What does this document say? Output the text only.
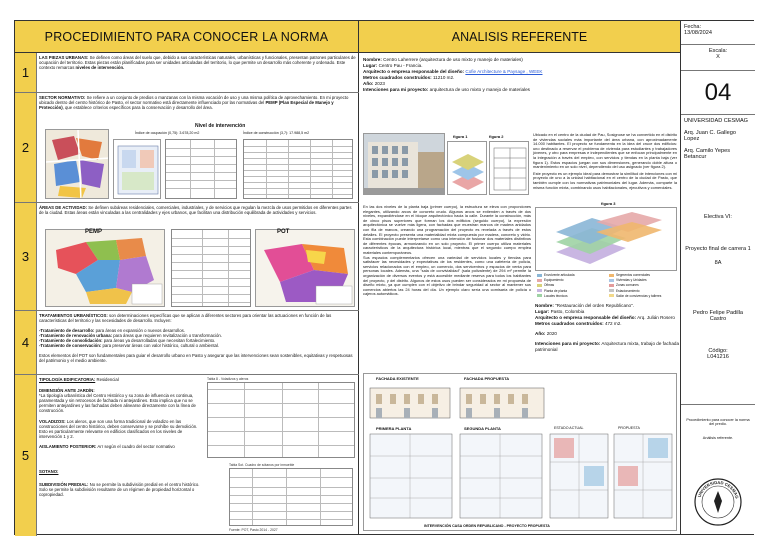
PROCEDIMIENTO PARA CONOCER LA NORMA
1
LAS PIEZAS URBANAS: Se definen como áreas del suelo que, debido a sus características naturales, urbanísticas y funcionales, presentan patrones particulares de ocupación del territorio. Estas piezas están planificadas para ser unidades articuladas del territorio, lo que permite un desarrollo más coherente y ordenado. Este contexto remarcas niveles de intervención.
2
SECTOR NORMATIVO: Se refiere a un conjunto de predios o manzanas con la misma vocación de uso y una misma política de aprovechamiento. En mi proyecto ubicado dentro del centro histórico de Pasto, el sector normativo está directamente influenciado por las normativas del PEMP (Plan Especial de Manejo y Protección), que establece criterios específicos para la conservación y desarrollo del área.
Nivel de intervención
Índice de ocupación (0,75): 3.678,20 m2	Índice de construcción (3,7): 17.988,5 m2
3
ÁREAS DE ACTIVIDAD: Se definen subáreas residenciales, comerciales, industriales, y de servicios que regulan la mezcla de usos permitidos en diferentes partes de la ciudad. Estas áreas están vinculadas a las centralidades y ejes urbanos, que facilitan una distribución equilibrada de actividades y servicios.
PEMP	POT
4
TRATAMIENTOS URBANÍSTICOS: son determinaciones específicas que se aplican a diferentes sectores para orientar las actuaciones en función de las características del territorio y las necesidades de desarrollo. Incluyen:
-Tratamiento de desarrollo: para áreas en expansión o nuevos desarrollos.
-Tratamiento de renovación urbana: para áreas que requieren revitalización o transformación.
-Tratamiento de consolidación: para áreas ya desarrolladas que necesitan fortalecimiento.
-Tratamiento de conservación: para preservar áreas con valor histórico, cultural o ambiental.
Estos elementos del POT son fundamentales para guiar el desarrollo urbano en Pasto y asegurar que las intervenciones sean sostenibles, equitativas y respetuosas del patrimonio y el medio ambiente.
5
TIPOLOGÍA EDIFICATORIA: Residencial
DIMENSIÓN ANTE JARDÍN:
*La tipología urbanística del Centro Histórico y su zona de influencia es continua, paramentada y sin retrocesos de fachada ni antejardines. Esto implica que no se permiten antejardines y las fachadas deben alinearse directamente con la línea de construcción.
VOLADIZOS: Los aleros, que son una forma tradicional de voladizo en las construcciones del centro histórico, deben conservarse y se prohíbe su demolición. Esto es particularmente relevante en edificios clasificados en los niveles de intervención 1 y 2.
AISLAMIENTO POSTERIOR: Arr según el cuadro del sector normativo
SOTANO:
SUBDIVISIÓN PREDIAL: No se permite la subdivisión predial en el centro histórico. Solo se permite la subdivisión resultante de un régimen de propiedad horizontal o copropiedad.
Tabla 8 - Voladizos y aleros
Tabla Sot. Cuadro de sótanos por inmueble
Fuente: POT, Pasto 2014 - 2027
ANALISIS REFERENTE
Nombre: Centro Laherrere (arquitectura de uso mixto y manejo de materiales)
Lugar: Centro Pau - Francia.
Arquitecto o empresa responsable del diseño: Cofie Architecture & Paysage , WEEK
Metros cuadrados construidos: 11210 m2.
Año: 2023
Intenciones para mi proyecto: arquitectura de uso mixto y manejo de materiales
figura 1	figura 2	Ubicado en el centro de la ciudad de Pau, Sosignose se ha convertido en el distrito de viviendas sociales más importante del área urbana, con aproximadamente 14.000 habitantes. El proyecto se fundamenta en la idea del cruce dos edificios: uno destinado a reservar el problema de vivienda para estudiantes y trabajadores jóvenes, y otro para empresas e independientes que se enfocan principalmente en la integración a través del empleo, con servicios y tiendas en la planta baja (ver figura 1). Estos espacios juegan con sus dimensiones, generando doble altura o mantenimiento en un solo nivel, dependiendo del uso asignado (ver figura 2).
Este proyecto es un ejemplo ideal para demostrar la similitud de intenciones con mi proyecto de uno a la unidad habitacional en el centro de la ciudad de Pasto, que también cumple con los normativas patrimoniales del lugar. Además, comparte la misma función mixta, combinando usos habitacionales, ejecutivos y comerciales.
En las dos niveles de la planta baja (primer cuerpo), la estructura se eleva con proporciones elegantes, utilizando arcos de concreto crudo. Algunos arcos se extienden a través de dos niveles, expandiéndose en el bloque arquitectónico hacia la calle. Durante la construcción, más de cinco pisos superiores que forman los dos edificios (seguido cuerpo), la expresión arquitectónica se vuelve más ligera, con fachadas que muestran marcos de madera anidados con fila de marcos, creando una programación del proyecto es revelada a través de estos detalles. El proyecto presenta una materialidad mixta compuesta por madera, concreto y vidrio. Esta combinación puede interpretarse como una intención de fusionar dos materiales distintivos de diferentes épocas, armonizando en un solo proyecto. El primer cuerpo utiliza materiales característicos de la arquitectura histórica local, mientras que el segundo cuerpo emplea materiales contemporáneos.
Sus espacios complementarios ofrecen una variedad de servicios locales y tiendas para satisfacer las necesidades y expectativas de los residentes, como una cafetería de policía, servicios relacionados con el empleo, un comercio, dos servicentros y espacios de venta para personas locales. Además, una "sala de convivialidad" (sala polivalente) de 294 m² permite la organización de diversos eventos y está accesible mediante reserva para todos los habitantes del proyecto, y del distrito. Algunos de estos usos pueden ser considerados en mi propuesta de diseño mixto, ya que cumplen con el objetivo de brindar seguridad al sector al mantener sus comercios abiertos las 24 horas del día. Un ejemplo claro sería una comisaría de policía o cajeros automáticos.
figura 3
Envolvente articulada
Equipamiento
Ofimas
Planta de planta
Locales técnicos
Segmentos comerciales
Viviendas y Unidades
Zonas comunes
Estacionamiento
Salón de convivencias y talleres
Nombre: "Restauración del orden Republicano".
Lugar: Pasto, Colombia
Arquitecto o empresa responsable del diseño: Arq. Julián Rosero
Metros cuadrados construidos: 472 m2.
Año: 2020
Intenciones para mi proyecto: Arquitectura mixta, trabajo de fachada patrimonial
FACHADA EXISTENTE	FACHADA PROPUESTA
PRIMERA PLANTA	SEGUNDA PLANTA	ESTADO ACTUAL	PROPUESTA
INTERVENCIÓN CASA ORDEN REPUBLICANO - PROYECTO PROPUESTA
Fecha:
13/08/2024
Escala:
X
04
UNIVERSIDAD CESMAG
Arq. Juan C. Gallego Lopez
Arq. Camilo Yepes Betancur
Electiva VI:
Proyecto final de carrera 1
8A
Pedro Felipe Padilla Castro
Código:
L041216
Procedimiento para conocer la norma del predio.
Análisis referente.
UNIVERSIDAD CESMAG
